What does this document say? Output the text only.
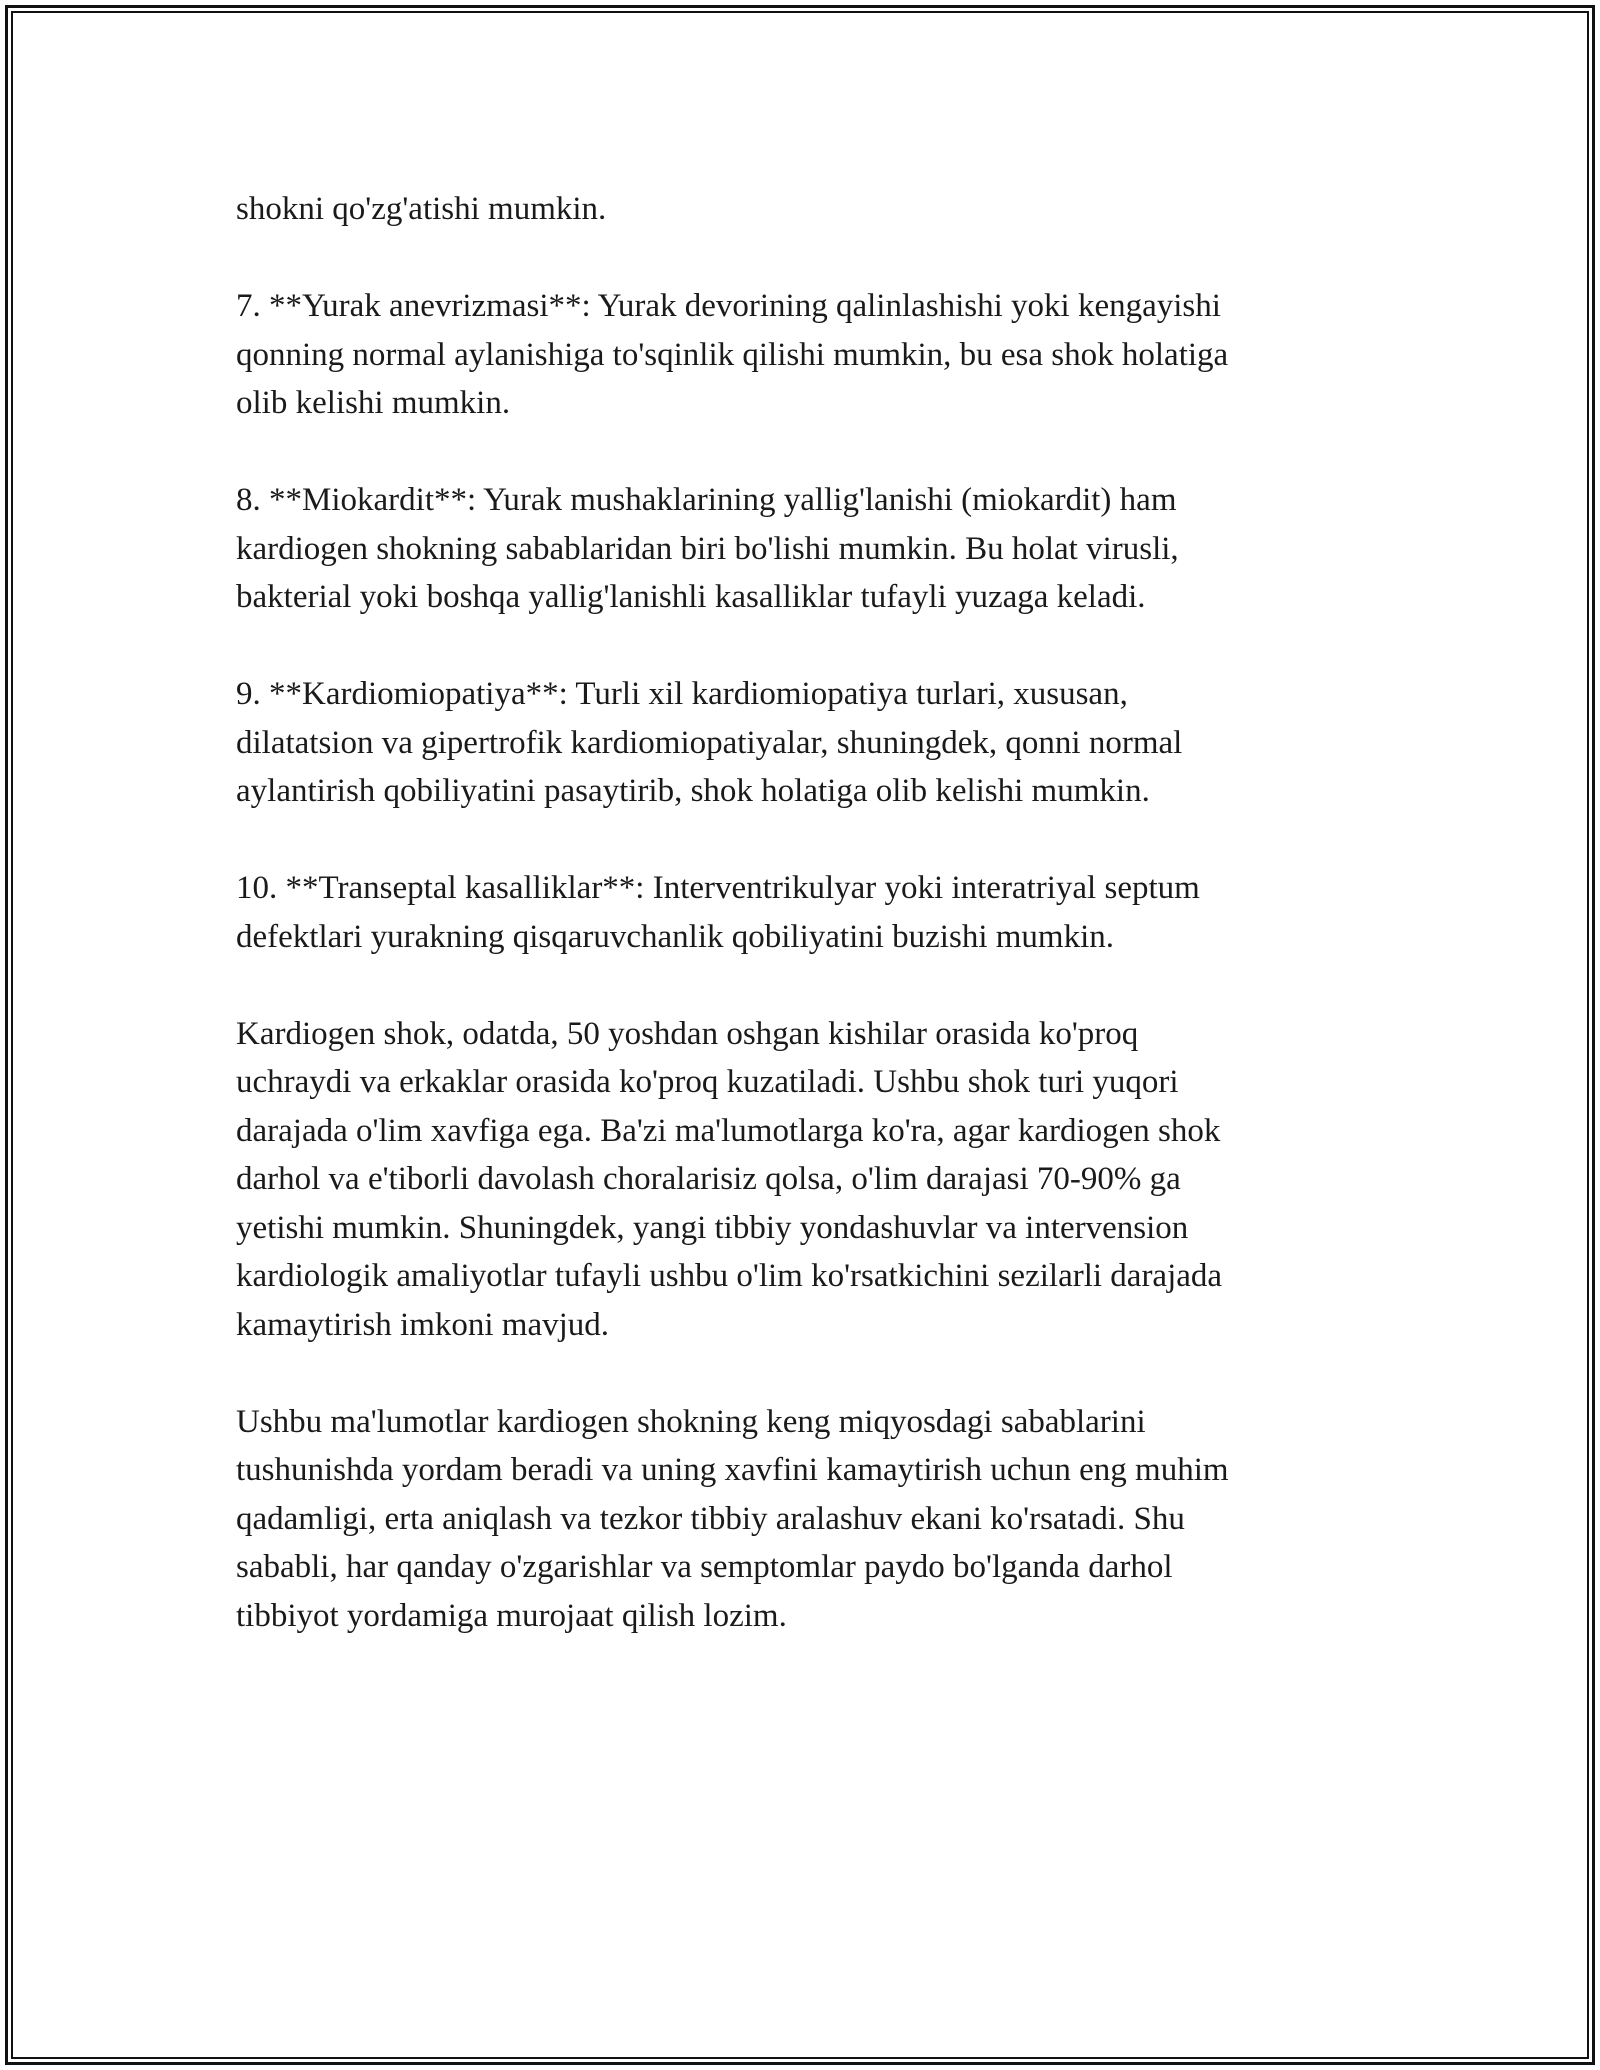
shokni qo'zg'atishi mumkin.

7. **Yurak anevrizmasi**: Yurak devorining qalinlashishi yoki kengayishi
qonning normal aylanishiga to'sqinlik qilishi mumkin, bu esa shok holatiga
olib kelishi mumkin.

8. **Miokardit**: Yurak mushaklarining yallig'lanishi (miokardit) ham
kardiogen shokning sabablaridan biri bo'lishi mumkin. Bu holat virusli,
bakterial yoki boshqa yallig'lanishli kasalliklar tufayli yuzaga keladi.

9. **Kardiomiopatiya**: Turli xil kardiomiopatiya turlari, xususan,
dilatatsion va gipertrofik kardiomiopatiyalar, shuningdek, qonni normal
aylantirish qobiliyatini pasaytirib, shok holatiga olib kelishi mumkin.

10. **Transeptal kasalliklar**: Interventrikulyar yoki interatriyal septum
defektlari yurakning qisqaruvchanlik qobiliyatini buzishi mumkin.

Kardiogen shok, odatda, 50 yoshdan oshgan kishilar orasida ko'proq
uchraydi va erkaklar orasida ko'proq kuzatiladi. Ushbu shok turi yuqori
darajada o'lim xavfiga ega. Ba'zi ma'lumotlarga ko'ra, agar kardiogen shok
darhol va e'tiborli davolash choralarisiz qolsa, o'lim darajasi 70-90% ga
yetishi mumkin. Shuningdek, yangi tibbiy yondashuvlar va intervension
kardiologik amaliyotlar tufayli ushbu o'lim ko'rsatkichini sezilarli darajada
kamaytirish imkoni mavjud.

Ushbu ma'lumotlar kardiogen shokning keng miqyosdagi sabablarini
tushunishda yordam beradi va uning xavfini kamaytirish uchun eng muhim
qadamligi, erta aniqlash va tezkor tibbiy aralashuv ekani ko'rsatadi. Shu
sababli, har qanday o'zgarishlar va semptomlar paydo bo'lganda darhol
tibbiyot yordamiga murojaat qilish lozim.
